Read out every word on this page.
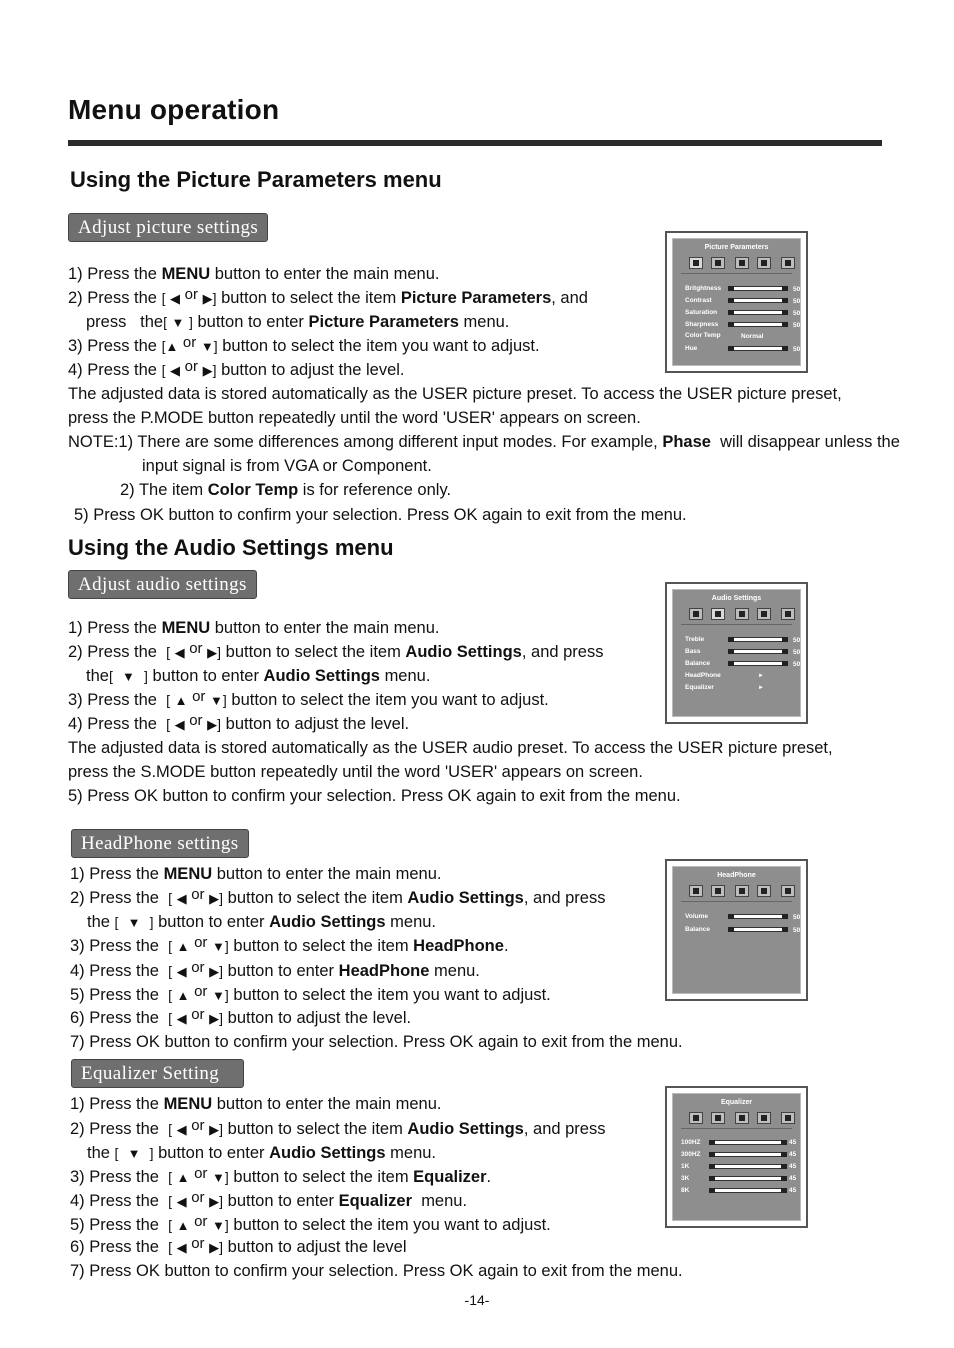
Menu operation
Using the Picture Parameters menu
Adjust picture settings
1) Press the MENU button to enter the main menu.
2) Press the [ ◀ or ▶] button to select the item Picture Parameters, and
press the[ ▼ ] button to enter Picture Parameters menu.
3) Press the [▲ or ▼] button to select the item you want to adjust.
4) Press the [ ◀ or ▶] button to adjust the level.
The adjusted data is stored automatically as the USER picture preset. To access the USER picture preset,
press the P.MODE button repeatedly until the word 'USER' appears on screen.
NOTE:1) There are some differences among different input modes. For example, Phase will disappear unless the
input signal is from VGA or Component.
2) The item Color Temp is for reference only.
5) Press OK button to confirm your selection. Press OK again to exit from the menu.
Picture Parameters
Britghtness	50
Contrast	50
Saturation	50
Sharpness	50
Color Temp	Normal
Hue	50
Using the Audio Settings menu
Adjust audio settings
1) Press the MENU button to enter the main menu.
2) Press the [ ◀ or ▶] button to select the item Audio Settings, and press
the[ ▼ ] button to enter Audio Settings menu.
3) Press the [ ▲ or ▼] button to select the item you want to adjust.
4) Press the [ ◀ or ▶] button to adjust the level.
The adjusted data is stored automatically as the USER audio preset. To access the USER picture preset,
press the S.MODE button repeatedly until the word 'USER' appears on screen.
5) Press OK button to confirm your selection. Press OK again to exit from the menu.
Audio Settings
Treble	50
Bass	50
Balance	50
HeadPhone	►
Equalizer	►
HeadPhone settings
1) Press the MENU button to enter the main menu.
2) Press the [ ◀ or ▶] button to select the item Audio Settings, and press
the [ ▼ ] button to enter Audio Settings menu.
3) Press the [ ▲ or ▼] button to select the item HeadPhone.
4) Press the [ ◀ or ▶] button to enter HeadPhone menu.
5) Press the [ ▲ or ▼] button to select the item you want to adjust.
6) Press the [ ◀ or ▶] button to adjust the level.
7) Press OK button to confirm your selection. Press OK again to exit from the menu.
HeadPhone
Volume	50
Balance	50
Equalizer Setting
1) Press the MENU button to enter the main menu.
2) Press the [ ◀ or ▶] button to select the item Audio Settings, and press
the [ ▼ ] button to enter Audio Settings menu.
3) Press the [ ▲ or ▼] button to select the item Equalizer.
4) Press the [ ◀ or ▶] button to enter Equalizer menu.
5) Press the [ ▲ or ▼] button to select the item you want to adjust.
6) Press the [ ◀ or ▶] button to adjust the level
7) Press OK button to confirm your selection. Press OK again to exit from the menu.
Equalizer
100HZ	45
300HZ	45
1K	45
3K	45
8K	45
-14-
